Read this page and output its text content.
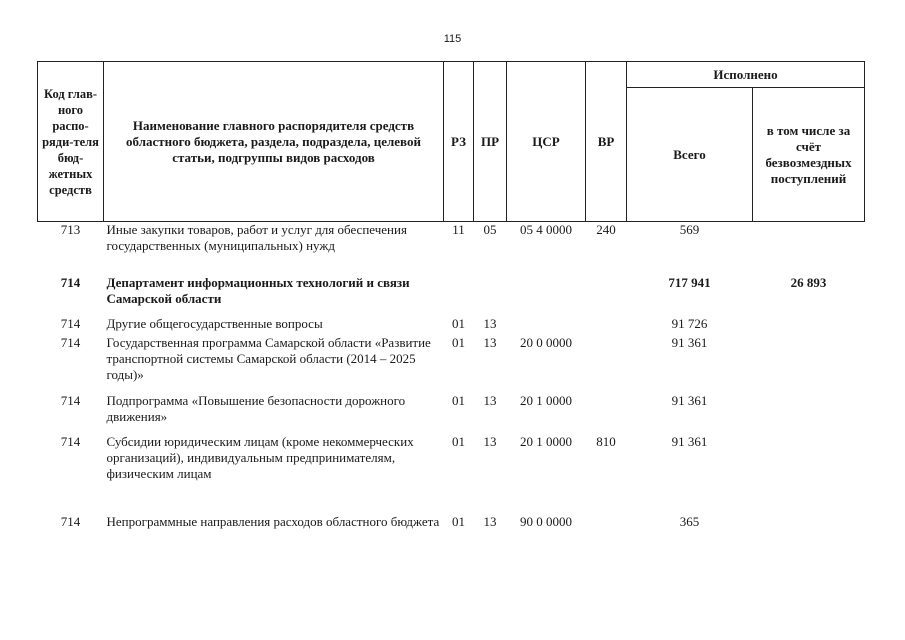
115
Код глав-ного распо-ряди-теля бюд-жетных средств	Наименование главного распорядителя средств областного бюджета, раздела, подраздела, целевой статьи, подгруппы видов расходов	РЗ	ПР	ЦСР	ВР	Исполнено	
						Всего	в том числе за счёт безвозмездных поступлений
713	Иные закупки товаров, работ и услуг для обеспечения государственных (муниципальных) нужд	11	05	05 4 0000	240	569	
714	Департамент информационных технологий и связи Самарской области					717 941	26 893
714	Другие общегосударственные вопросы	01	13			91 726	
714	Государственная программа Самарской области «Развитие транспортной системы Самарской области (2014 – 2025 годы)»	01	13	20 0 0000		91 361	
714	Подпрограмма «Повышение безопасности дорожного движения»	01	13	20 1 0000		91 361	
714	Субсидии юридическим лицам (кроме некоммерческих организаций), индивидуальным предпринимателям, физическим лицам	01	13	20 1 0000	810	91 361	
714	Непрограммные направления расходов областного бюджета	01	13	90 0 0000		365	
